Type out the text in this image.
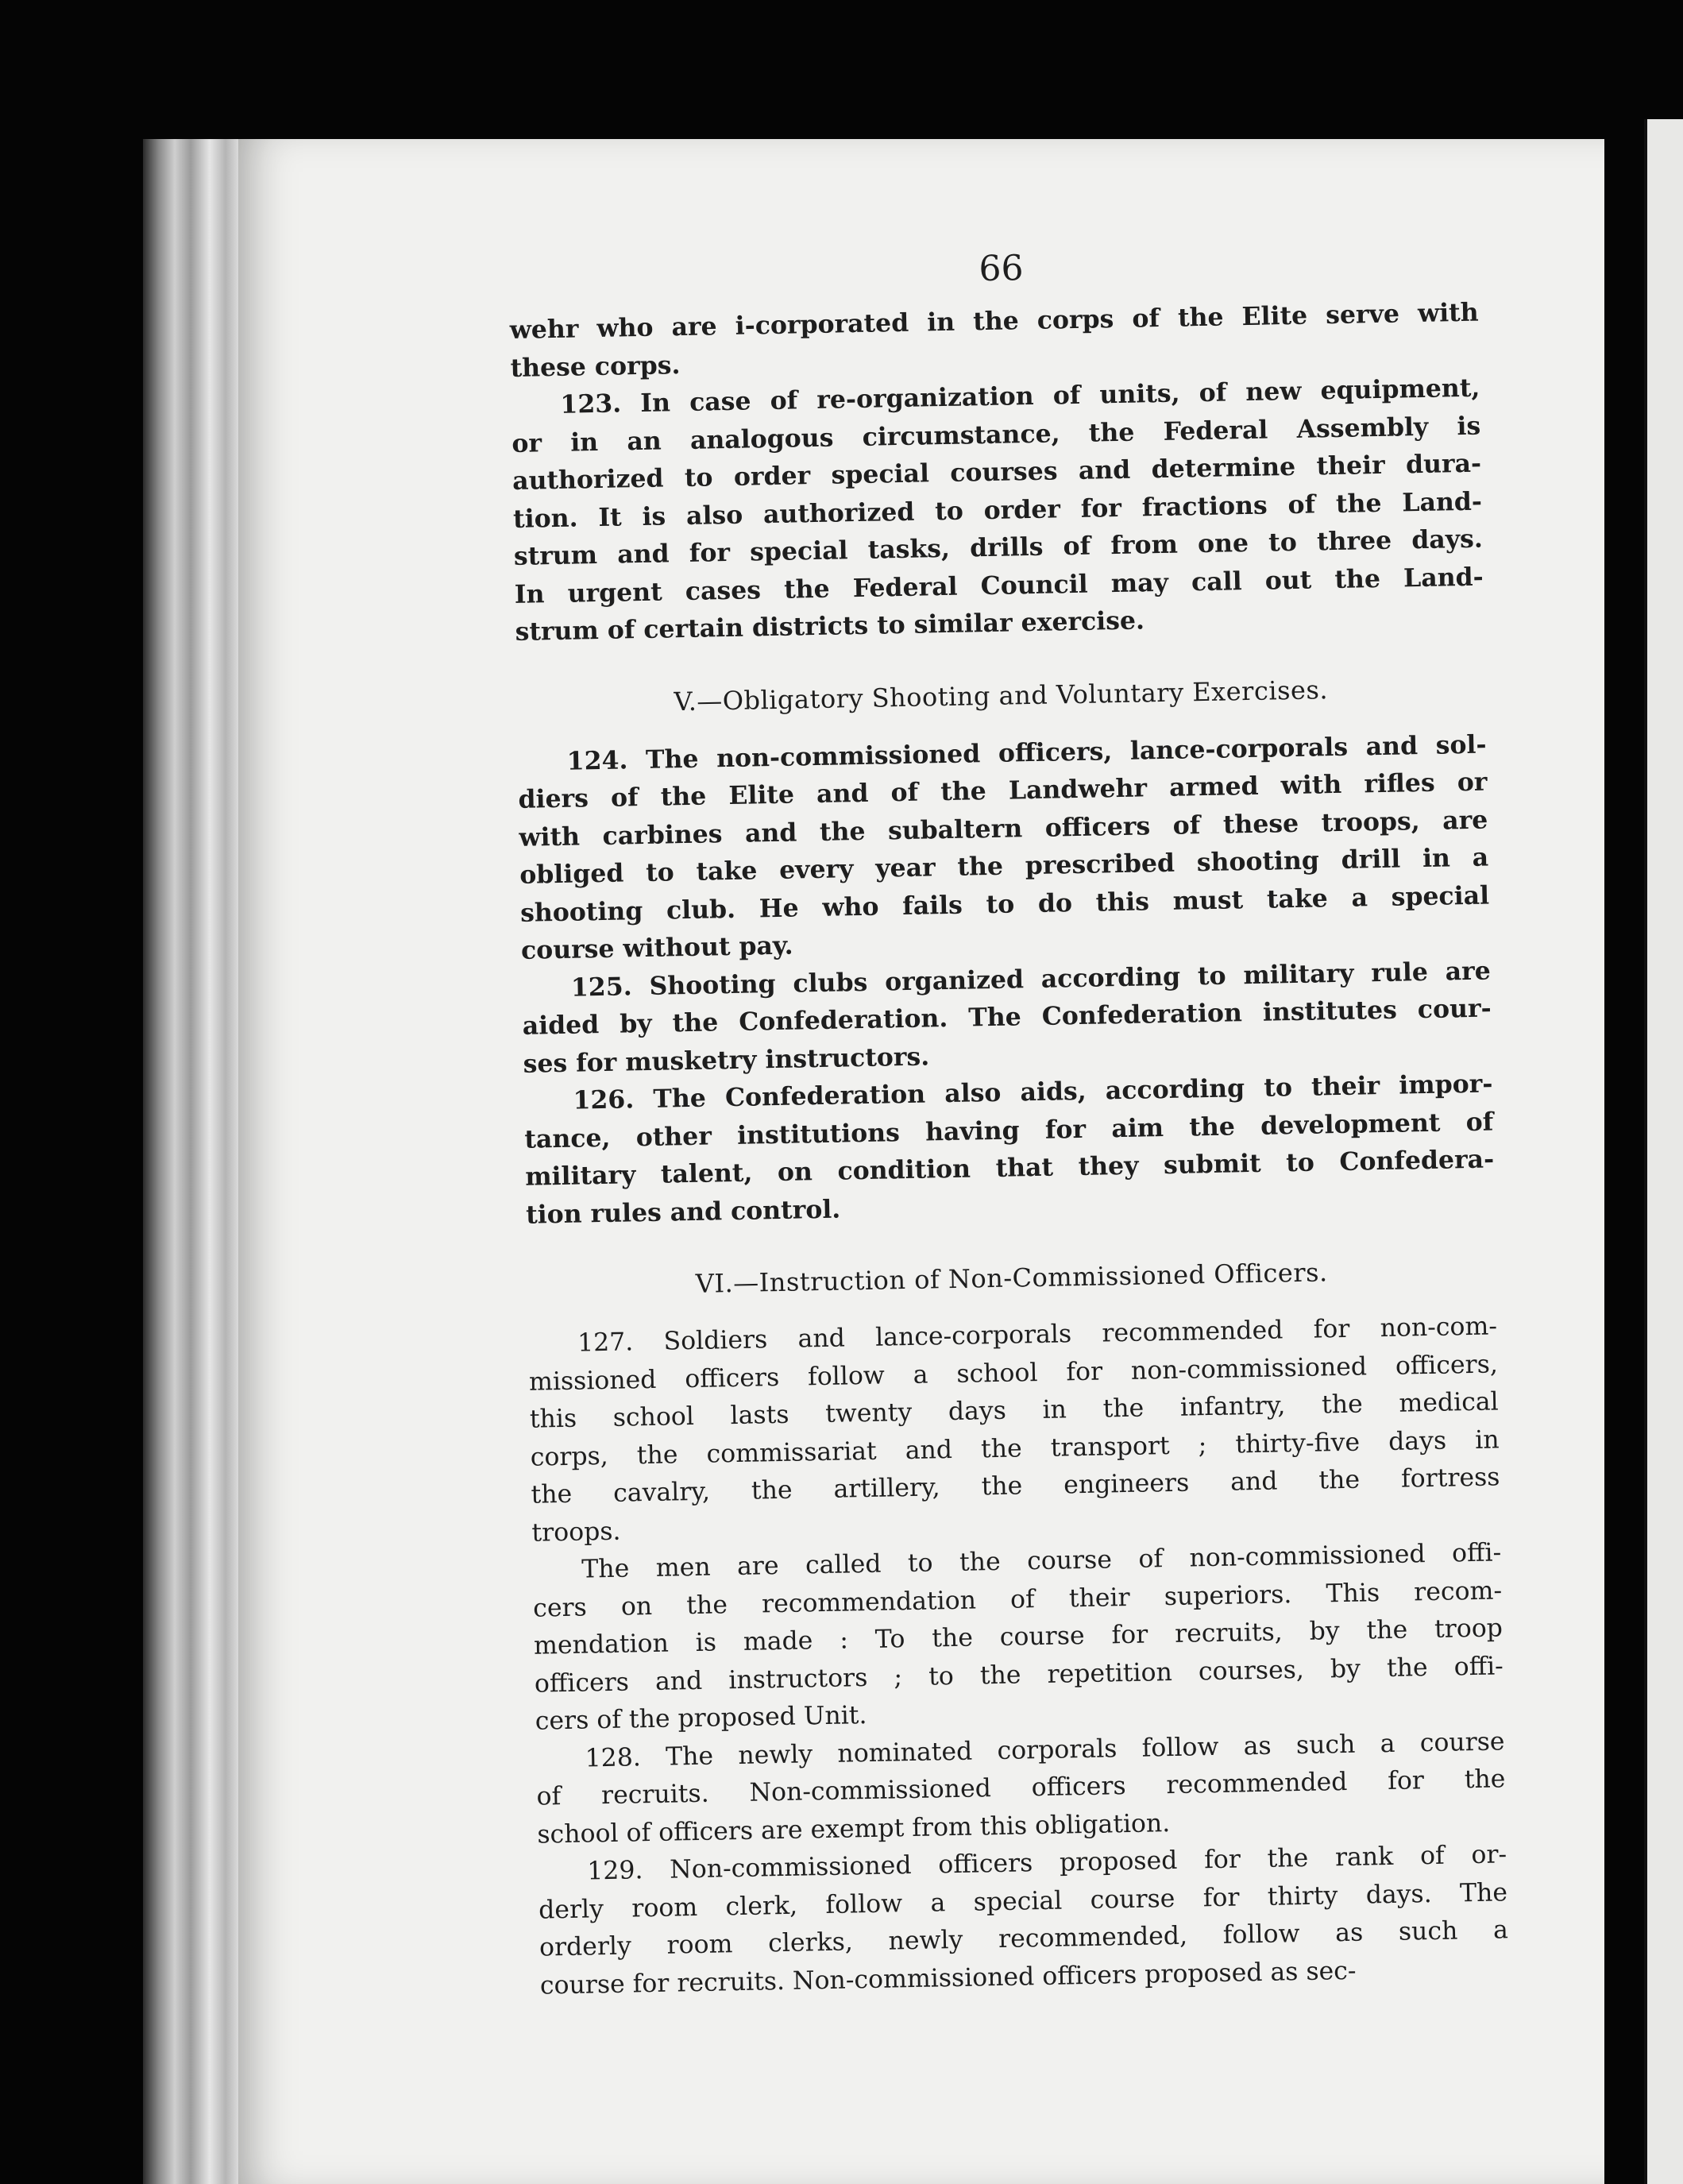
66

wehr who are i-corporated in the corps of the Elite serve with
these corps.

123. In case of re-organization of units, of new equipment,
or in an analogous circumstance, the Federal Assembly is
authorized to order special courses and determine their dura-
tion. It is also authorized to order for fractions of the Land-
strum and for special tasks, drills of from one to three days.
In urgent cases the Federal Council may call out the Land-
strum of certain districts to similar exercise.

V.—Obligatory Shooting and Voluntary Exercises.

124. The non-commissioned officers, lance-corporals and sol-
diers of the Elite and of the Landwehr armed with rifles or
with carbines and the subaltern officers of these troops, are
obliged to take every year the prescribed shooting drill in a
shooting club. He who fails to do this must take a special
course without pay.

125. Shooting clubs organized according to military rule are
aided by the Confederation. The Confederation institutes cour-
ses for musketry instructors.

126. The Confederation also aids, according to their impor-
tance, other institutions having for aim the development of
military talent, on condition that they submit to Confedera-
tion rules and control.

VI.—Instruction of Non-Commissioned Officers.

127. Soldiers and lance-corporals recommended for non-com-
missioned officers follow a school for non-commissioned officers,
this school lasts twenty days in the infantry, the medical
corps, the commissariat and the transport ; thirty-five days in
the cavalry, the artillery, the engineers and the fortress
troops.

The men are called to the course of non-commissioned offi-
cers on the recommendation of their superiors. This recom-
mendation is made : To the course for recruits, by the troop
officers and instructors ; to the repetition courses, by the offi-
cers of the proposed Unit.

128. The newly nominated corporals follow as such a course
of recruits. Non-commissioned officers recommended for the
school of officers are exempt from this obligation.

129. Non-commissioned officers proposed for the rank of or-
derly room clerk, follow a special course for thirty days. The
orderly room clerks, newly recommended, follow as such a
course for recruits. Non-commissioned officers proposed as sec-
